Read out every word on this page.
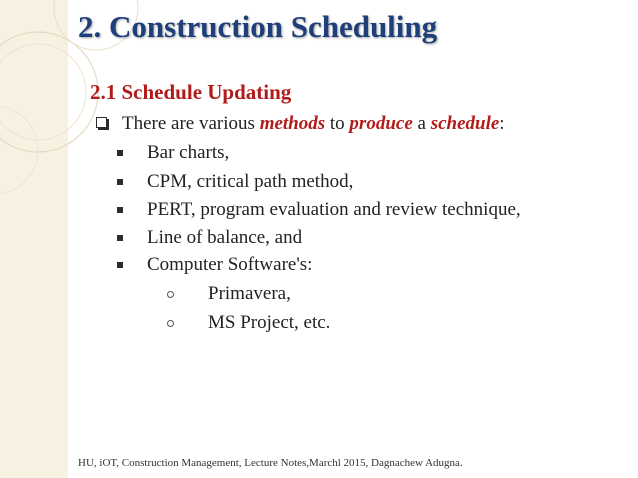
2. Construction Scheduling
2.1 Schedule Updating
There are various methods to produce a schedule:
Bar charts,
CPM, critical path method,
PERT, program evaluation and review technique,
Line of balance, and
Computer Software's:
Primavera,
MS Project, etc.
HU, iOT, Construction Management, Lecture Notes,Marchl 2015, Dagnachew Adugna.
